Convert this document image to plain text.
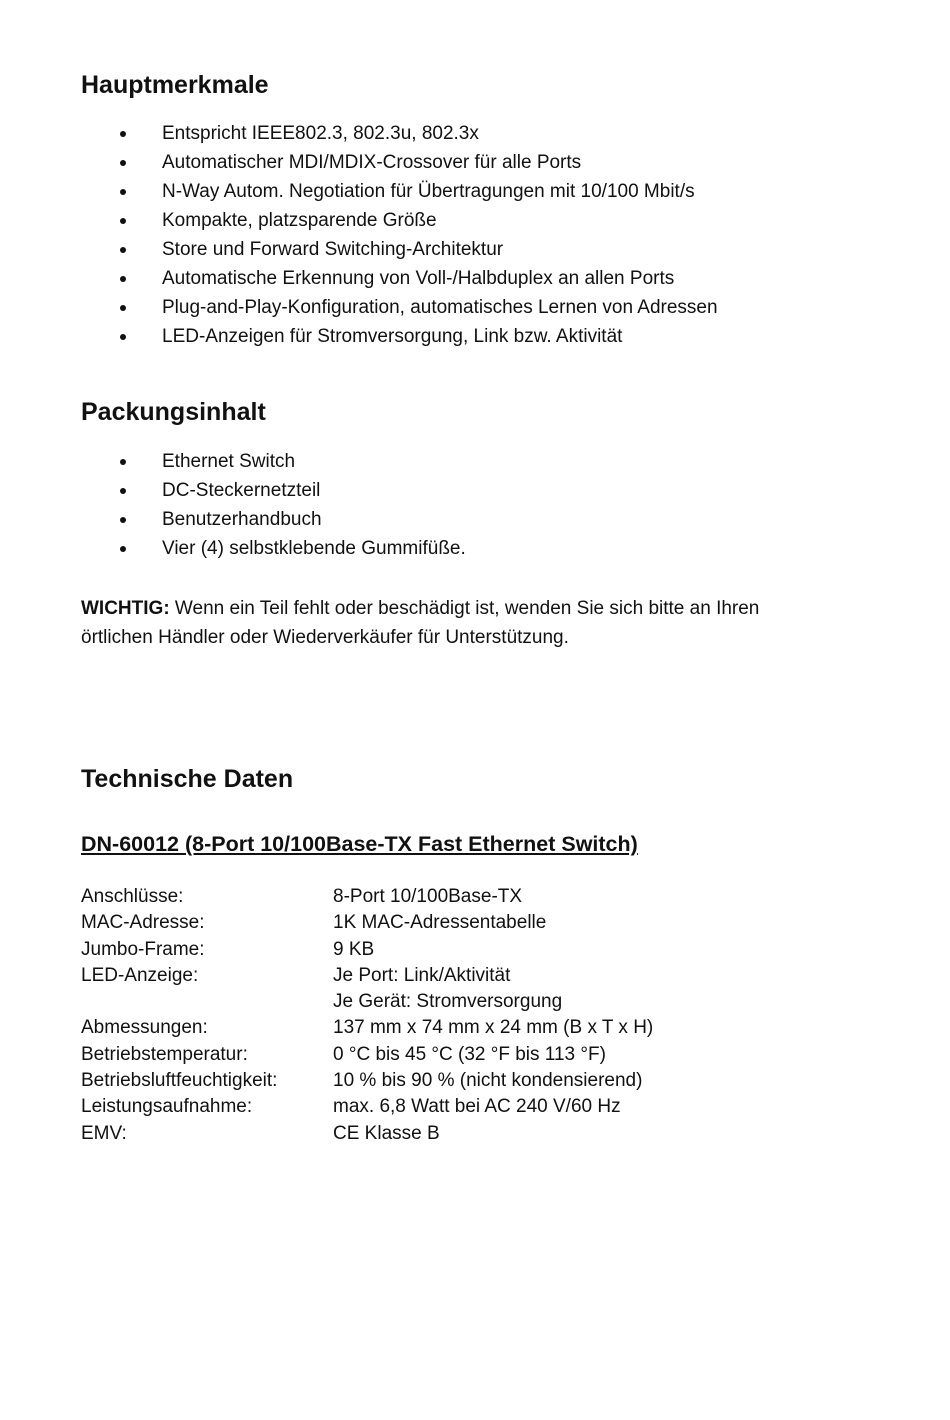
Hauptmerkmale
Entspricht IEEE802.3, 802.3u, 802.3x
Automatischer MDI/MDIX-Crossover für alle Ports
N-Way Autom. Negotiation für Übertragungen mit 10/100 Mbit/s
Kompakte, platzsparende Größe
Store und Forward Switching-Architektur
Automatische Erkennung von Voll-/Halbduplex an allen Ports
Plug-and-Play-Konfiguration, automatisches Lernen von Adressen
LED-Anzeigen für Stromversorgung, Link bzw. Aktivität
Packungsinhalt
Ethernet Switch
DC-Steckernetzteil
Benutzerhandbuch
Vier (4) selbstklebende Gummifüße.

WICHTIG: Wenn ein Teil fehlt oder beschädigt ist, wenden Sie sich bitte an Ihren örtlichen Händler oder Wiederverkäufer für Unterstützung.

Technische Daten
DN-60012 (8-Port 10/100Base-TX Fast Ethernet Switch)
Anschlüsse:	8-Port 10/100Base-TX
MAC-Adresse:	1K MAC-Adressentabelle
Jumbo-Frame:	9 KB
LED-Anzeige:	Je Port: Link/Aktivität
Je Gerät: Stromversorgung
Abmessungen:	137 mm x 74 mm x 24 mm (B x T x H)
Betriebstemperatur:	0 °C bis 45 °C (32 °F bis 113 °F)
Betriebsluftfeuchtigkeit:	10 % bis 90 % (nicht kondensierend)
Leistungsaufnahme:	max. 6,8 Watt bei AC 240 V/60 Hz
EMV:	CE Klasse B
